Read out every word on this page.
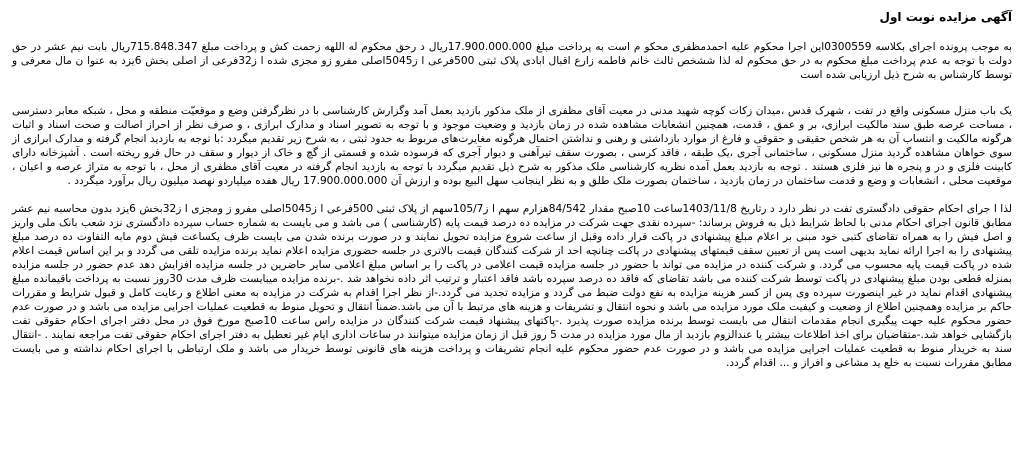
آگهی مزایده نوبت اول

به موجب پرونده اجرای بکلاسه 0300559این اجرا محکوم علیه احمدمظفری محکو م است به پرداخت مبلغ 17.900.000.000ریال د رحق محکوم له اللهه زحمت کش و پرداخت مبلغ 715.848.347ریال بابت نیم عشر در حق دولت با توجه به عدم پرداخت مبلغ محکوم به در حق محکوم له لذا ششخص ثالث خانم فاطمه زارع اقبال ابادی پلاک ثبتی 500فرعی ا ز5045اصلی مفرو زو مجزی شده ا ز32فرعی از اصلی بخش 6یزد به عنوا ن مال معرفی و توسط کارشناس به شرح ذیل ارزیابی شده است

یک باب منزل مسکونی واقع در تفت ، شهرک قدس ،میدان زکات کوچه شهید مدنی در معیت آقای مظفری از ملک مذکور بازدید بعمل آمد وگزارش کارشناسی با در نظرگرفتن وضع و موقعیّت منطقه و محل ، شبکه معابر دسترسی ، مساحت عرصه طبق سند مالکیت ابرازی، بر و عمق ، قدمت، همچنین انشعابات مشاهده شده در زمان بازدید و وضعیت موجود و با توجه به تصویر اسناد و مدارک ابرازی ، و صرف نظر از احراز اصالت و صحت اسناد و اثبات هرگونه مالکیت و انتساب آن به هر شخص حقیقی و حقوقی و فارغ از موارد بازداشتی و رهنی و نداشتن احتمال هرگونه مغایرت‌های مربوط به حدود ثبتی ، به شرح زیر تقدیم میگردد :با توجه به بازدید انجام گرفته و مدارک ابرازی از سوی خواهان مشاهده گردید منزل مسکونی ، ساختمانی آجری ،یک طبقه ، فاقد کرسی ، بصورت سقف تیرآهنی و دیوار آجری که فرسوده شده و قسمتی از گچ و خاک از دیوار و سقف در حال فرو ریخته است . آشپزخانه دارای کابینت فلزی و در و پنجره ها نیز فلزی هستند . توجه به بازدید بعمل آمده نظریه کارشناسی ملک مذکور به شرح ذیل تقدیم میگردد با توجه به بازدید انجام گرفته در معیت آقای مظفری از محل ، با توجه به متراژ عرصه و اعیان ، موقعیت محلی ، انشعابات و وضع و قدمت ساختمان در زمان بازدید ، ساختمان بصورت ملک طلق و به نظر اینجانب سهل البیع بوده و ارزش آن 17.900.000.000 ریال هفده میلیاردو نهصد میلیون ریال برآورد میگردد .

لذا ا جرای احکام حقوقی دادگستری تفت در نظر دارد د رتاریخ 1403/11/8ساعت 10صبح مقدار 84/542هزارم سهم ا ز105/7سهم از پلاک ثبتی 500فرعی ا ز5045اصلی مفرو ز ومجزی ا ز32بخش 6یزد بدون محاسبه نیم عشر مطابق قانون اجرای احکام مدنی با لحاظ شرایط ذیل به فروش برساند: -سپرده نقدی جهت شرکت در مزایده ده درصد قیمت پایه (کارشناسی ) می باشد و می بایست به شماره حساب سپرده دادگستری نزد شعب بانک ملی واریز و اصل فیش را به همراه تقاضای کتبی خود مبنی بر اعلام مبلغ پیشنهادی در پاکت قرار داده وقبل از ساعت شروع مزایده تحویل نمایند و در صورت برنده شدن می بایست ظرف یکساعت فیش دوم مابه التفاوت ده درصد مبلغ پیشنهادی را به اجرا ارائه نماید بدیهی است پس از تعیین سقف قیمتهای پیشنهادی در پاکت چنانچه احد از شرکت کنندگان قیمت بالاتری در جلسه حضوری مزایده اعلام نماید برنده مزایده تلقی می گردد و بر این اساس قیمت اعلام شده در پاکت قیمت پایه محسوب می گردد. و شرکت کننده در مزایده می تواند با حضور در جلسه مزایده قیمت اعلامی در پاکت را بر اساس مبلغ اعلامی سایر حاضرین در جلسه مزایده افزایش دهد عدم حضور در جلسه مزایده بمنزله قطعی بودن مبلغ پیشنهادی در پاکت توسط شرکت کننده می باشد تقاضای که فاقد ده درصد سپرده باشد فاقد اعتبار و ترتیب اثر داده نخواهد شد .-برنده مزایده میبایست ظرف مدت 30روز نسبت به پرداخت باقیمانده مبلغ پیشنهادی اقدام نماید در غیر اینصورت سپرده وی پس از کسر هزینه مزایده به نفع دولت ضبط می گردد و مزایده تجدید می گردد.-از نظر اجرا اقدام به شرکت در مزایده به معنی اطلاع و رعایت کامل و قبول شرایط و مقررات حاکم بر مزایده وهمچنین اطلاع از وضعیت و کیفیت ملک مورد مزایده می باشد و نحوه انتقال و تشریفات و هزینه های مرتبط با آن می باشد.ضمناً انتقال و تحویل منوط به قطعیت عملیات اجرایی مزایده می باشد و در صورت عدم حضور محکوم علیه جهت پیگیری انجام مقدمات انتقال می بایست توسط برنده مزایده صورت پذیرد .-پاکتهای پیشنهاد قیمت شرکت کنندگان در مزایده راس ساعت 10صبح مورخ فوق در محل دفتر اجرای احکام حقوقی تفت بازگشایی خواهد شد.-متقاضیان برای اخذ اطلاعات بیشتر یا عندالزوم بازدید از مال مورد مزایده در مدت 5 روز قبل از زمان مزایده میتوانند در ساعات اداری ایام غیر تعطیل به دفتر اجرای احکام حقوقی تفت مراجعه نمایند . -انتقال سند به خریدار منوط به قطعیت عملیات اجرایی مزایده می باشد و در صورت عدم حضور محکوم علیه انجام تشریفات و پرداخت هزینه های قانونی توسط خریدار می باشد و ملک ارتباطی با اجرای احکام نداشته و می بایست مطابق مقررات نسبت به خلع ید مشاعی و افراز و ... اقدام گردد.
